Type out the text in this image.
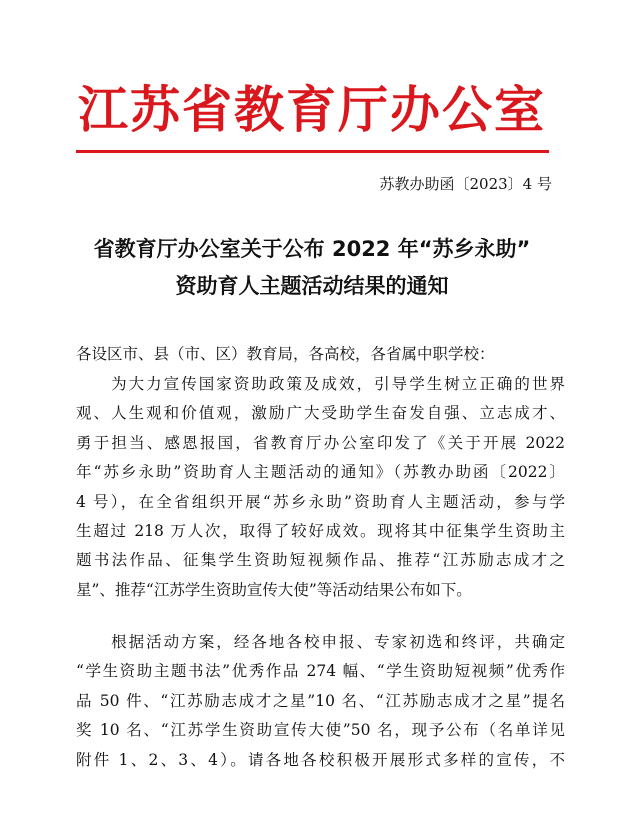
江苏省教育厅办公室
苏教办助函〔2023〕4 号
省教育厅办公室关于公布 2022 年“苏乡永助”
资助育人主题活动结果的通知
各设区市、县（市、区）教育局，各高校，各省属中职学校：
　　为大力宣传国家资助政策及成效，引导学生树立正确的世界
观、人生观和价值观，激励广大受助学生奋发自强、立志成才、
勇于担当、感恩报国，省教育厅办公室印发了《关于开展 2022
年“苏乡永助”资助育人主题活动的通知》（苏教办助函〔2022〕
4 号），在全省组织开展“苏乡永助”资助育人主题活动，参与学
生超过 218 万人次，取得了较好成效。现将其中征集学生资助主
题书法作品、征集学生资助短视频作品、推荐“江苏励志成才之
星”、推荐“江苏学生资助宣传大使”等活动结果公布如下。
　　根据活动方案，经各地各校申报、专家初选和终评，共确定
“学生资助主题书法”优秀作品 274 幅、“学生资助短视频”优秀作
品 50 件、“江苏励志成才之星”10 名、“江苏励志成才之星”提名
奖 10 名、“江苏学生资助宣传大使”50 名，现予公布（名单详见
附件 1、2、3、4）。请各地各校积极开展形式多样的宣传，不
